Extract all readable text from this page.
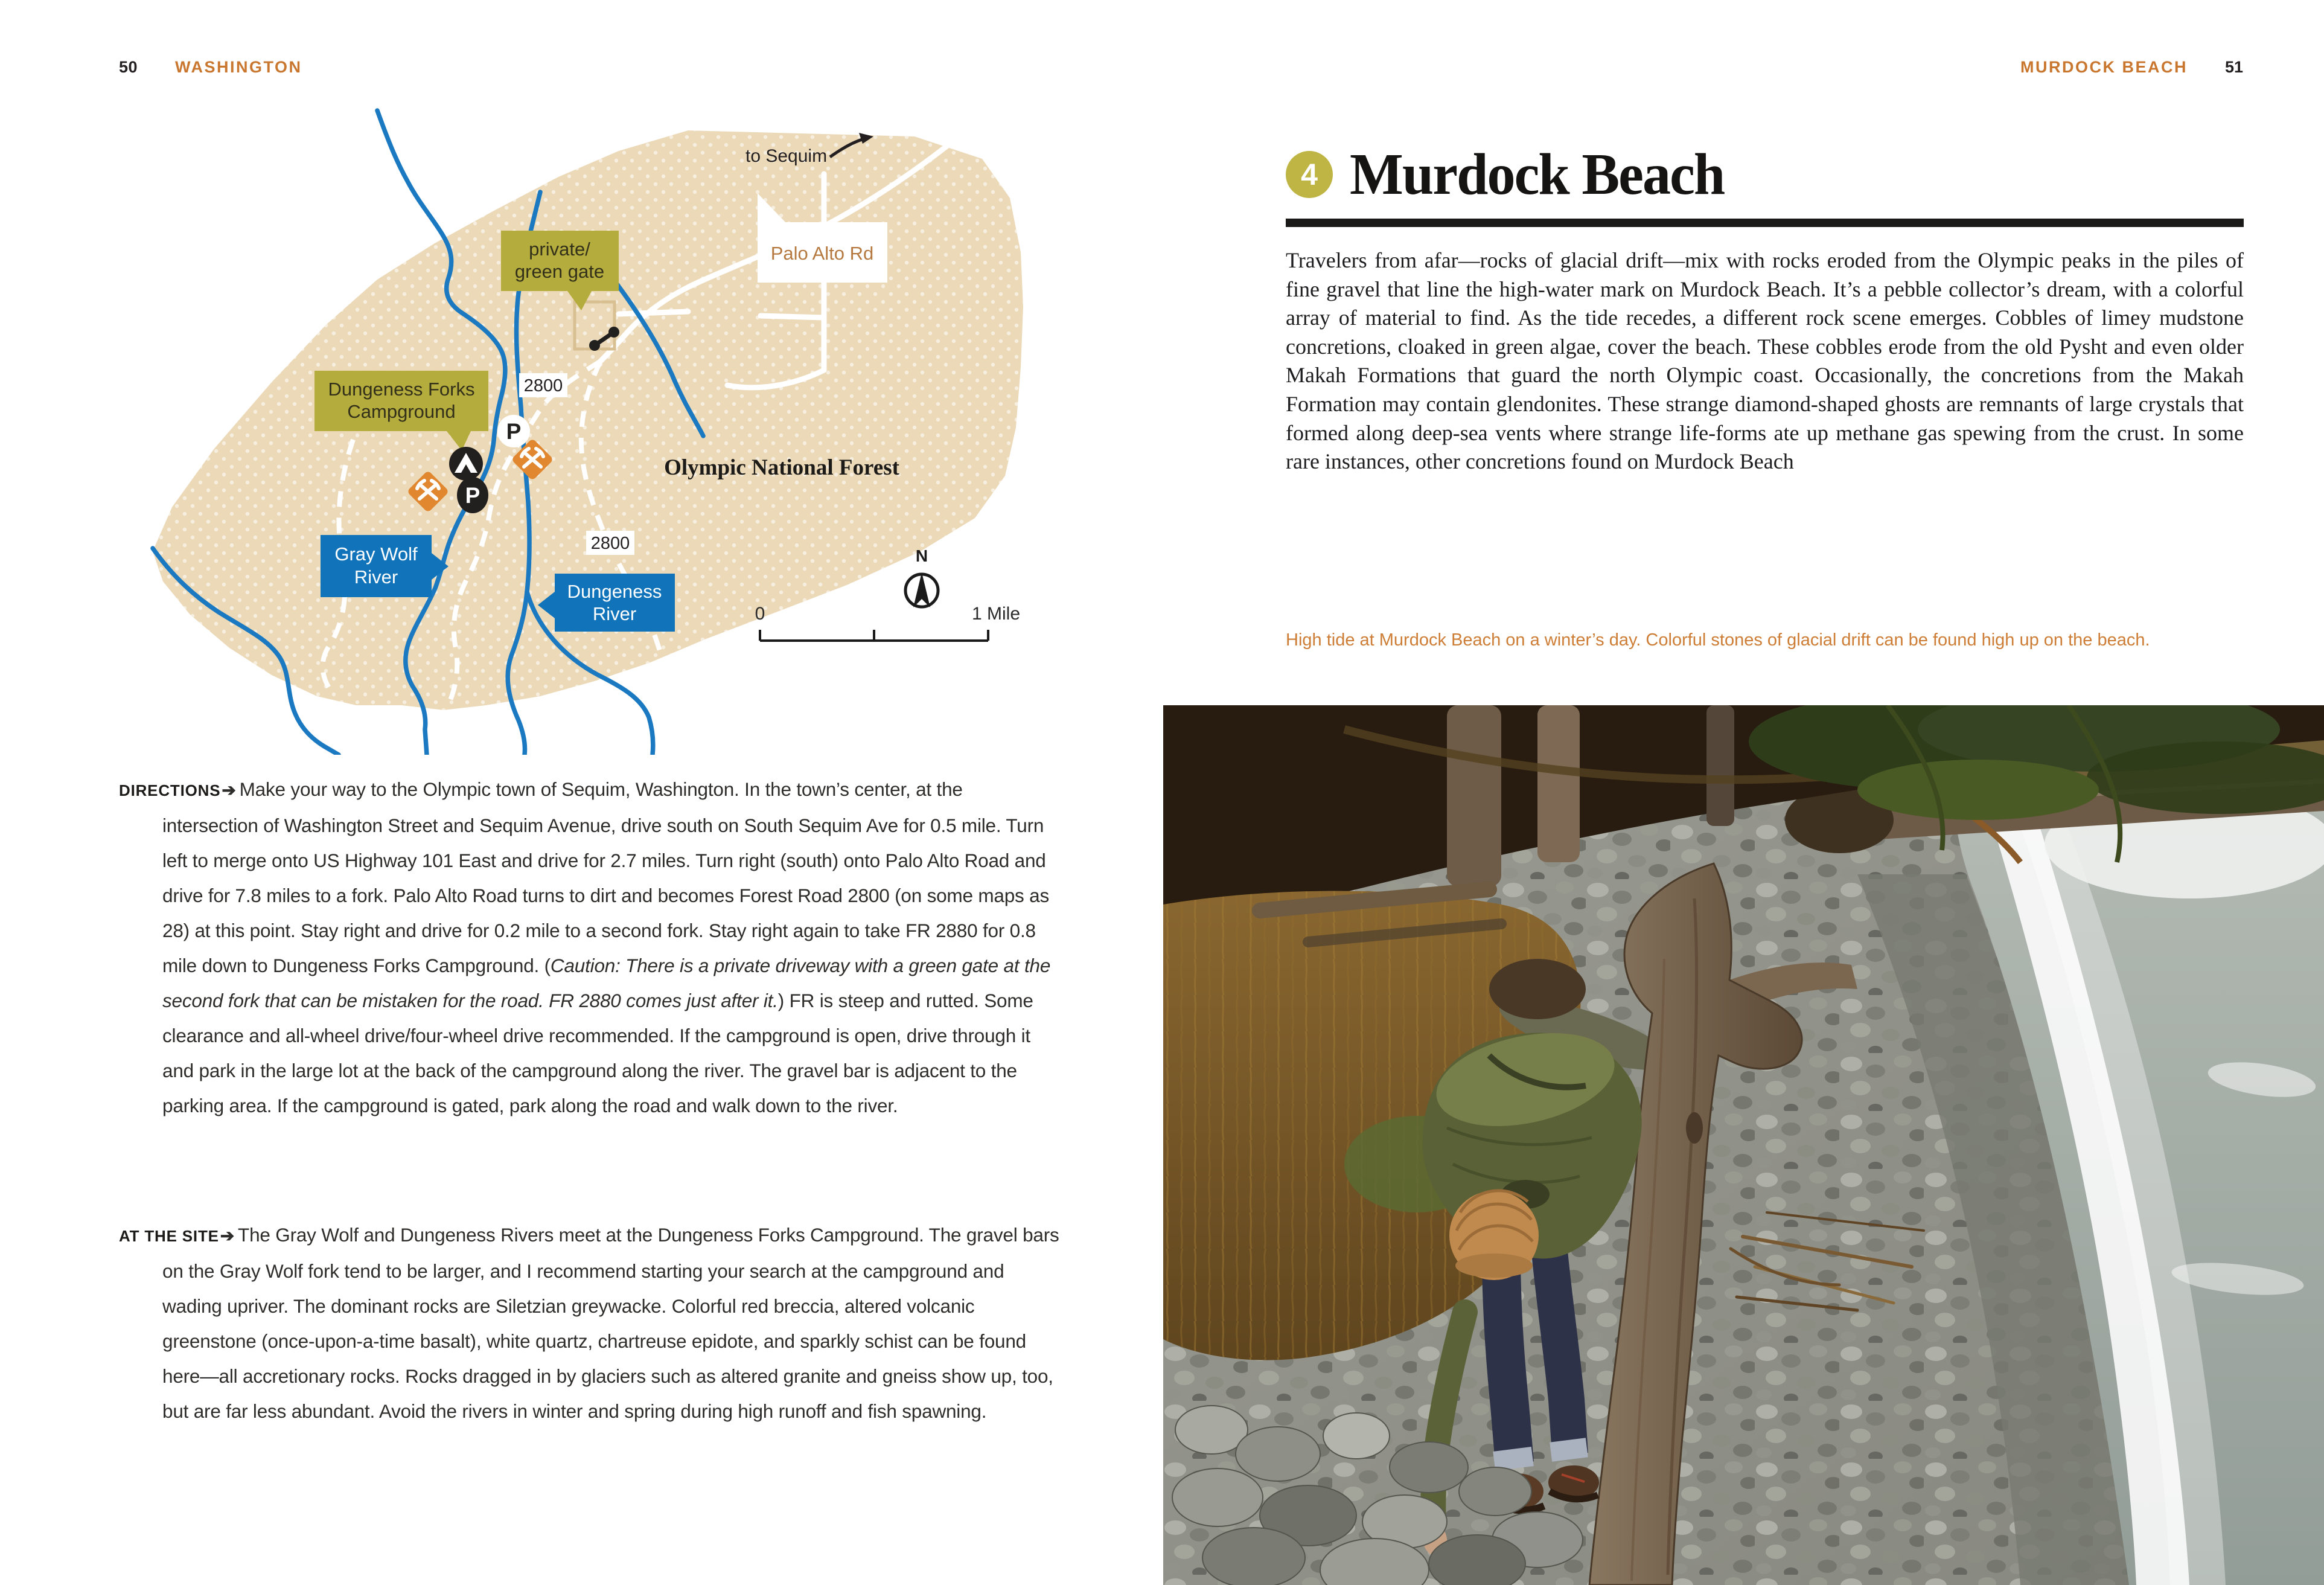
50 WASHINGTON
to Sequim
Palo Alto Rd
private/
green gate
Dungeness Forks
Campground
2800
2800
P
P
Gray Wolf
River
Dungeness
River
Olympic National Forest
N
0	1 Mile

DIRECTIONS➔ Make your way to the Olympic town of Sequim, Washington. In the town’s center, at the intersection of Washington Street and Sequim Avenue, drive south on South Sequim Ave for 0.5 mile. Turn left to merge onto US Highway 101 East and drive for 2.7 miles. Turn right (south) onto Palo Alto Road and drive for 7.8 miles to a fork. Palo Alto Road turns to dirt and becomes Forest Road 2800 (on some maps as 28) at this point. Stay right and drive for 0.2 mile to a second fork. Stay right again to take FR 2880 for 0.8 mile down to Dungeness Forks Campground. (Caution: There is a private driveway with a green gate at the second fork that can be mistaken for the road. FR 2880 comes just after it.) FR is steep and rutted. Some clearance and all-wheel drive/four-wheel drive recommended. If the campground is open, drive through it and park in the large lot at the back of the campground along the river. The gravel bar is adjacent to the parking area. If the campground is gated, park along the road and walk down to the river.

AT THE SITE➔ The Gray Wolf and Dungeness Rivers meet at the Dungeness Forks Campground. The gravel bars on the Gray Wolf fork tend to be larger, and I recommend starting your search at the campground and wading upriver. The dominant rocks are Siletzian greywacke. Colorful red breccia, altered volcanic greenstone (once-upon-a-time basalt), white quartz, chartreuse epidote, and sparkly schist can be found here—all accretionary rocks. Rocks dragged in by glaciers such as altered granite and gneiss show up, too, but are far less abundant. Avoid the rivers in winter and spring during high runoff and fish spawning.

MURDOCK BEACH 51
4 Murdock Beach
Travelers from afar—rocks of glacial drift—mix with rocks eroded from the Olympic peaks in the piles of fine gravel that line the high-water mark on Murdock Beach. It’s a pebble collector’s dream, with a colorful array of material to find. As the tide recedes, a different rock scene emerges. Cobbles of limey mudstone concretions, cloaked in green algae, cover the beach. These cobbles erode from the old Pysht and even older Makah Formations that guard the north Olympic coast. Occasionally, the concretions from the Makah Formation may contain glendonites. These strange diamond-shaped ghosts are remnants of large crystals that formed along deep-sea vents where strange life-forms ate up methane gas spewing from the crust. In some rare instances, other concretions found on Murdock Beach
High tide at Murdock Beach on a winter’s day. Colorful stones of glacial drift can be found high up on the beach.
